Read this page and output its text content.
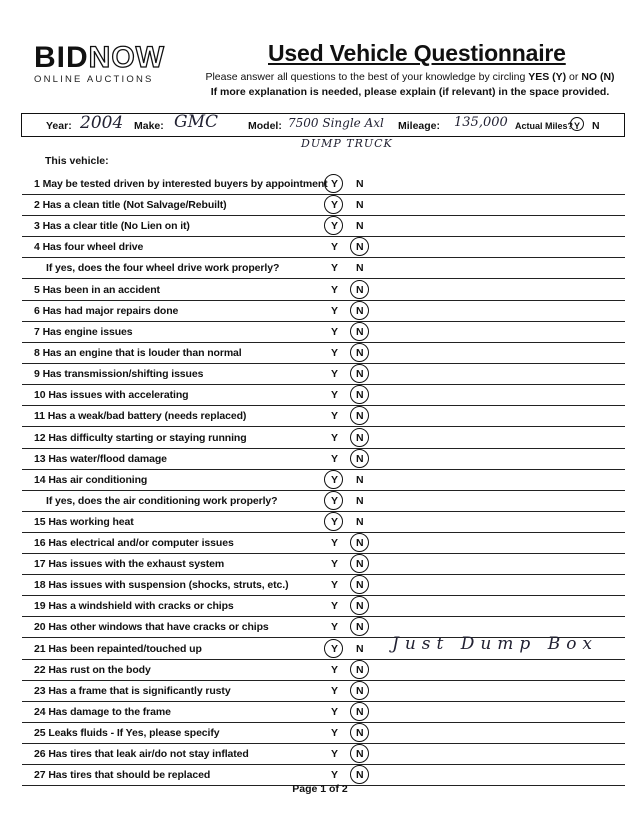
BIDNOW
ONLINE AUCTIONS
Used Vehicle Questionnaire
Please answer all questions to the best of your knowledge by circling YES (Y) or NO (N)
If more explanation is needed, please explain (if relevant) in the space provided.
Year: 2004 Make: GMC	Model: 7500 Single Axl Mileage: 135,000 Actual Miles? Y N
DUMP TRUCK
This vehicle:
1 May be tested driven by interested buyers by appointment Y N
2 Has a clean title (Not Salvage/Rebuilt)	Y N
3 Has a clear title (No Lien on it)	Y N
4 Has four wheel drive	Y N
If yes, does the four wheel drive work properly?	Y N
5 Has been in an accident	Y N
6 Has had major repairs done	Y N
7 Has engine issues	Y N
8 Has an engine that is louder than normal	Y N
9 Has transmission/shifting issues	Y N
10 Has issues with accelerating	Y N
11 Has a weak/bad battery (needs replaced)	Y N
12 Has difficulty starting or staying running	Y N
13 Has water/flood damage	Y N
14 Has air conditioning	Y N
If yes, does the air conditioning work properly?	Y N
15 Has working heat	Y N
16 Has electrical and/or computer issues	Y N
17 Has issues with the exhaust system	Y N
18 Has issues with suspension (shocks, struts, etc.)	Y N
19 Has a windshield with cracks or chips	Y N
20 Has other windows that have cracks or chips	Y N
21 Has been repainted/touched up	Y N Just Dump Box
22 Has rust on the body	Y N
23 Has a frame that is significantly rusty	Y N
24 Has damage to the frame	Y N
25 Leaks fluids - If Yes, please specify	Y N
26 Has tires that leak air/do not stay inflated	Y N
27 Has tires that should be replaced	Y N
Page 1 of 2
